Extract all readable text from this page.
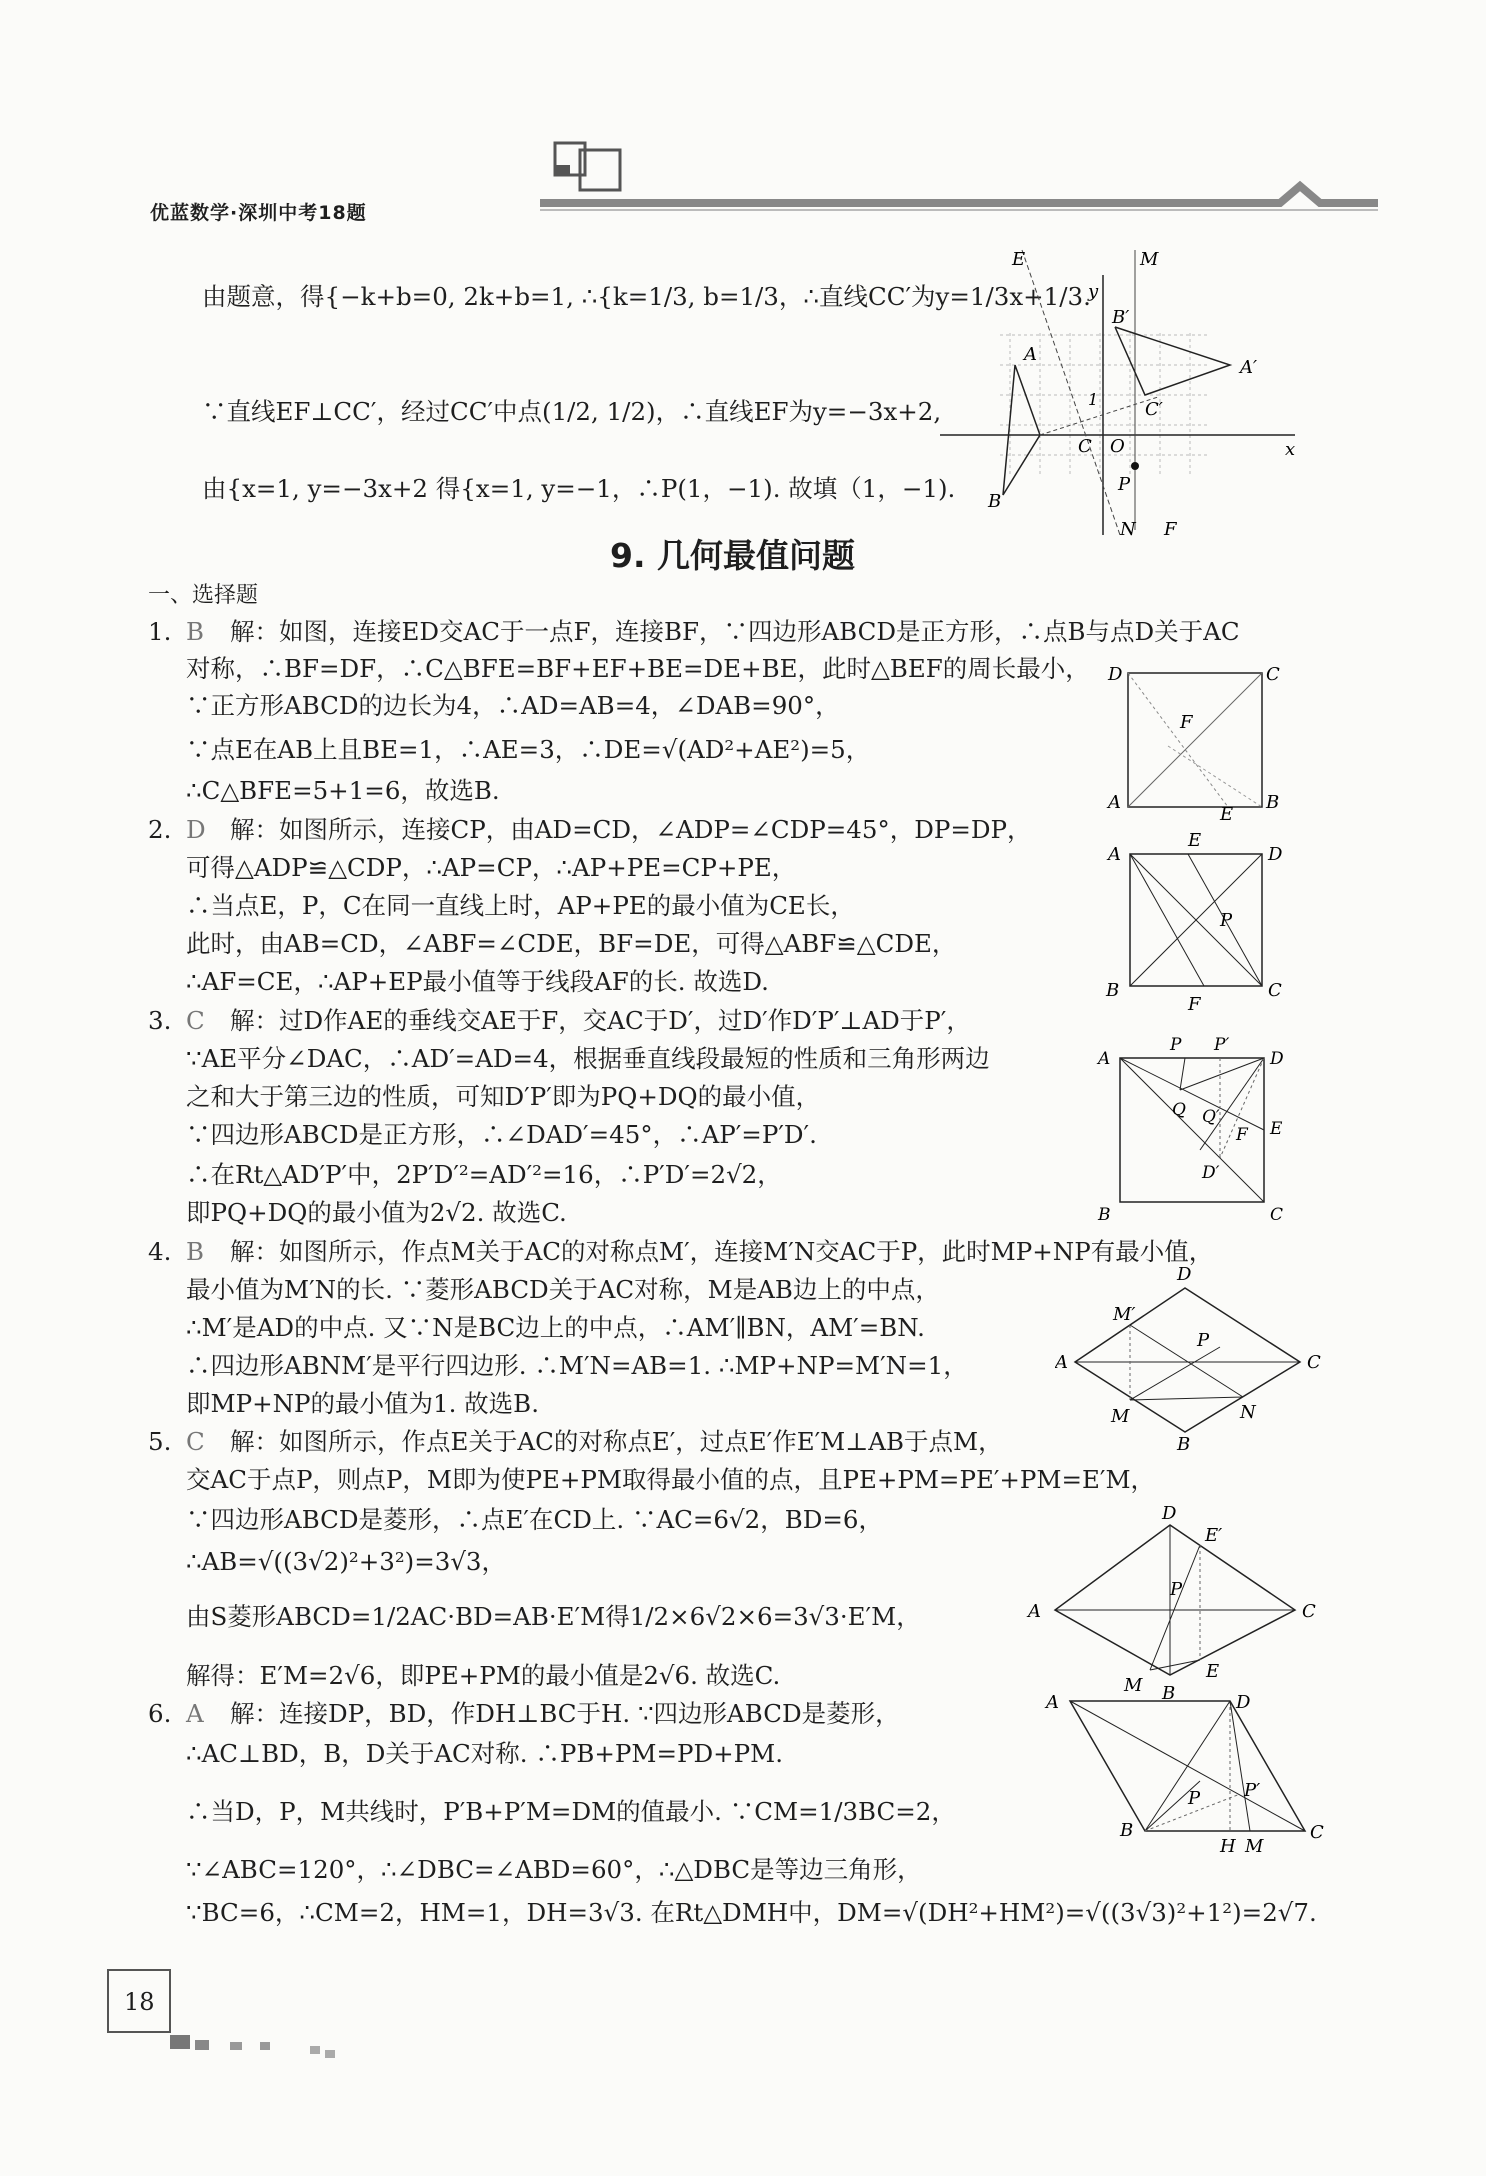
优蓝数学·深圳中考18题
由题意，得{−k+b=0, 2k+b=1, ∴{k=1/3, b=1/3，∴直线CC′为y=1/3x+1/3.
∵直线EF⊥CC′，经过CC′中点(1/2, 1/2)，∴直线EF为y=−3x+2,
由{x=1, y=−3x+2 得{x=1, y=−1，∴P(1，−1). 故填（1，−1).
E	M
y
B′
A
A′
1	C′
C O	x
P
B
N F
9. 几何最值问题
一、选择题
1. B 解：如图，连接ED交AC于一点F，连接BF，∵四边形ABCD是正方形，∴点B与点D关于AC
对称，∴BF=DF，∴C△BFE=BF+EF+BE=DE+BE，此时△BEF的周长最小，
∵正方形ABCD的边长为4，∴AD=AB=4，∠DAB=90°，
∵点E在AB上且BE=1，∴AE=3，∴DE=√(AD²+AE²)=5，
∴C△BFE=5+1=6，故选B.
D	C
F
A
E
B
2. D 解：如图所示，连接CP，由AD=CD，∠ADP=∠CDP=45°，DP=DP，
可得△ADP≌△CDP，∴AP=CP，∴AP+PE=CP+PE，
∴当点E，P，C在同一直线上时，AP+PE的最小值为CE长，
此时，由AB=CD，∠ABF=∠CDE，BF=DE，可得△ABF≌△CDE，
∴AF=CE，∴AP+EP最小值等于线段AF的长. 故选D.
E
A	D
P
B
F
C
3. C 解：过D作AE的垂线交AE于F，交AC于D′，过D′作D′P′⊥AD于P′，
∵AE平分∠DAC，∴AD′=AD=4，根据垂直线段最短的性质和三角形两边
之和大于第三边的性质，可知D′P′即为PQ+DQ的最小值，
∵四边形ABCD是正方形，∴∠DAD′=45°，∴AP′=P′D′.
∴在Rt△AD′P′中，2P′D′²=AD′²=16，∴P′D′=2√2，
即PQ+DQ的最小值为2√2. 故选C.
P P′
A	D
Q Q′
E
F
D′
B	C
4. B 解：如图所示，作点M关于AC的对称点M′，连接M′N交AC于P，此时MP+NP有最小值，
最小值为M′N的长. ∵菱形ABCD关于AC对称，M是AB边上的中点，
∴M′是AD的中点. 又∵N是BC边上的中点，∴AM′∥BN，AM′=BN.
∴四边形ABNM′是平行四边形. ∴M′N=AB=1. ∴MP+NP=M′N=1，
即MP+NP的最小值为1. 故选B.
D
M′
P
A	C
M	N
B
5. C 解：如图所示，作点E关于AC的对称点E′，过点E′作E′M⊥AB于点M，
交AC于点P，则点P，M即为使PE+PM取得最小值的点，且PE+PM=PE′+PM=E′M，
∵四边形ABCD是菱形，∴点E′在CD上. ∵AC=6√2，BD=6，
∴AB=√((3√2)²+3²)=3√3，
由S菱形ABCD=1/2AC·BD=AB·E′M得1/2×6√2×6=3√3·E′M，
解得：E′M=2√6，即PE+PM的最小值是2√6. 故选C.
D
E′
P
A	C
M B
E
6. A 解：连接DP，BD，作DH⊥BC于H. ∵四边形ABCD是菱形，
∴AC⊥BD，B，D关于AC对称. ∴PB+PM=PD+PM.
∴当D，P，M共线时，P′B+P′M=DM的值最小. ∵CM=1/3BC=2，
∵∠ABC=120°，∴∠DBC=∠ABD=60°，∴△DBC是等边三角形，
∵BC=6，∴CM=2，HM=1，DH=3√3. 在Rt△DMH中，DM=√(DH²+HM²)=√((3√3)²+1²)=2√7.
A	D
P P′
B
H M
C
18
